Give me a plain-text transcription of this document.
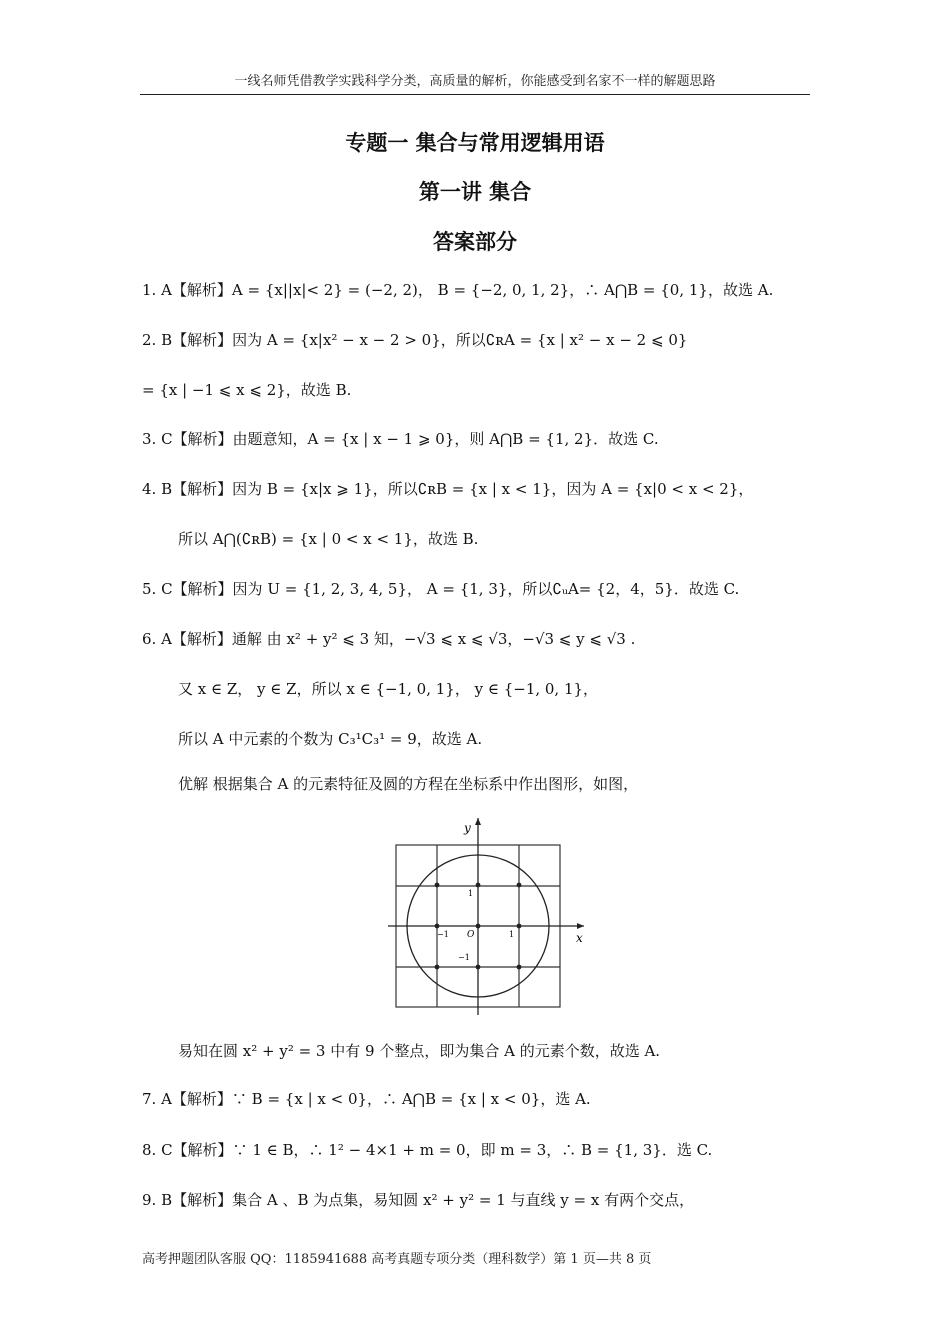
一线名师凭借教学实践科学分类，高质量的解析，你能感受到名家不一样的解题思路
专题一 集合与常用逻辑用语
第一讲 集合
答案部分
1. A【解析】A = {x||x|< 2} = (−2, 2)， B = {−2, 0, 1, 2}，∴ A⋂B = {0, 1}，故选 A.
2. B【解析】因为 A = {x|x² − x − 2 > 0}，所以∁ʀA = {x | x² − x − 2 ⩽ 0}
= {x | −1 ⩽ x ⩽ 2}，故选 B.
3. C【解析】由题意知，A = {x | x − 1 ⩾ 0}，则 A⋂B = {1, 2}．故选 C.
4. B【解析】因为 B = {x|x ⩾ 1}，所以∁ʀB = {x | x < 1}，因为 A = {x|0 < x < 2}，
所以 A⋂(∁ʀB) = {x | 0 < x < 1}，故选 B.
5. C【解析】因为 U = {1, 2, 3, 4, 5}， A = {1, 3}，所以∁ᵤA= {2，4，5}．故选 C.
6. A【解析】通解 由 x² + y² ⩽ 3 知，−√3 ⩽ x ⩽ √3，−√3 ⩽ y ⩽ √3 .
又 x ∈ Z， y ∈ Z，所以 x ∈ {−1, 0, 1}， y ∈ {−1, 0, 1}，
所以 A 中元素的个数为 C₃¹C₃¹ = 9，故选 A.
优解 根据集合 A 的元素特征及圆的方程在坐标系中作出图形，如图，
x
y
O	1
−1
1
−1
易知在圆 x² + y² = 3 中有 9 个整点，即为集合 A 的元素个数，故选 A.
7. A【解析】∵ B = {x | x < 0}，∴ A⋂B = {x | x < 0}，选 A.
8. C【解析】∵ 1 ∈ B，∴ 1² − 4×1 + m = 0，即 m = 3，∴ B = {1, 3}．选 C.
9. B【解析】集合 A 、B 为点集，易知圆 x² + y² = 1 与直线 y = x 有两个交点，
高考押题团队客服 QQ：1185941688 高考真题专项分类（理科数学）第 1 页—共 8 页
